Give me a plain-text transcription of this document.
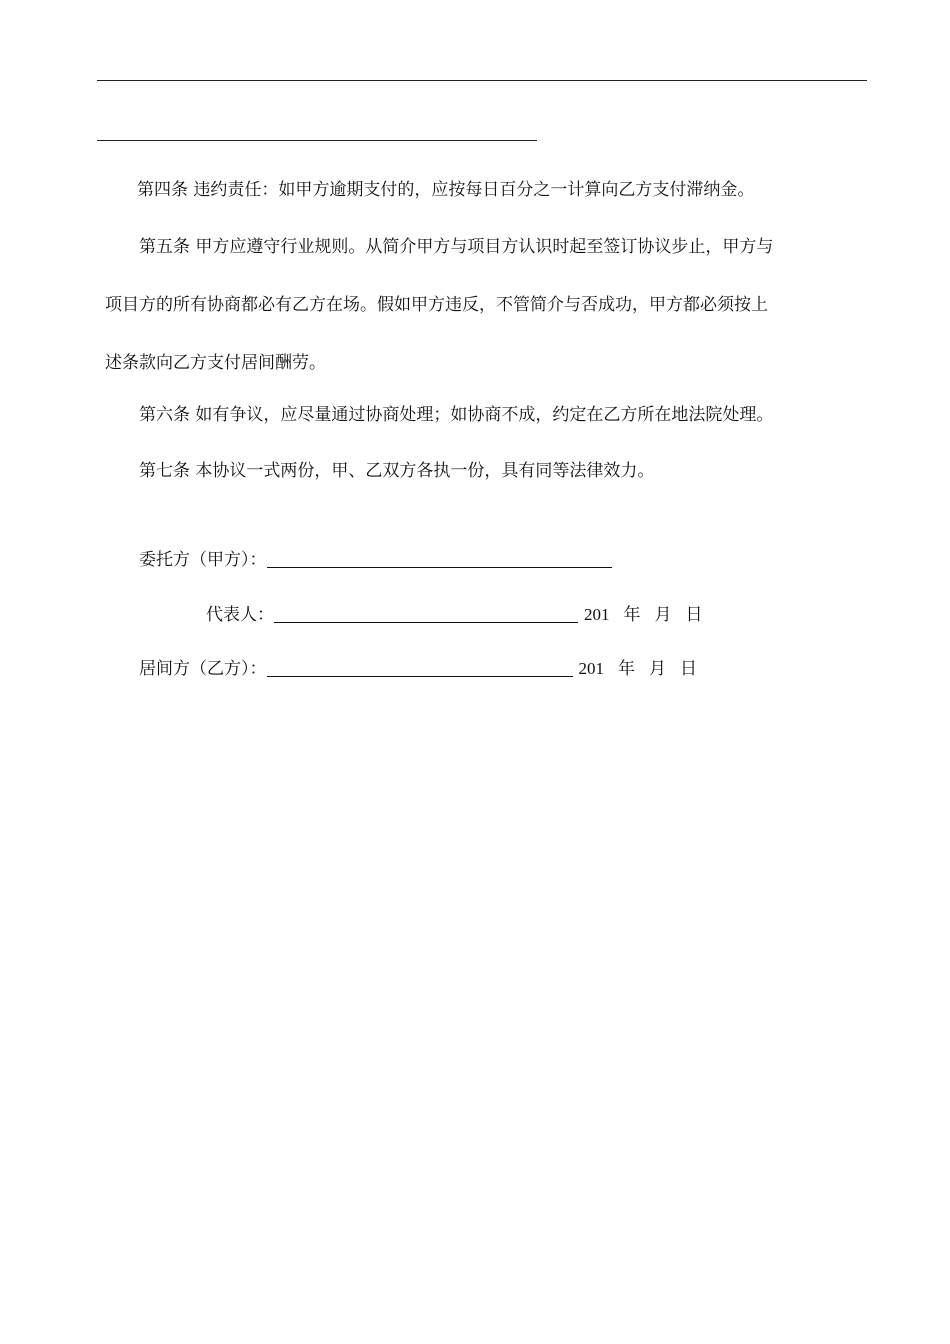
第四条 违约责任：如甲方逾期支付的，应按每日百分之一计算向乙方支付滞纳金。
第五条 甲方应遵守行业规则。从简介甲方与项目方认识时起至签订协议步止，甲方与
项目方的所有协商都必有乙方在场。假如甲方违反，不管简介与否成功，甲方都必须按上
述条款向乙方支付居间酬劳。
第六条 如有争议，应尽量通过协商处理；如协商不成，约定在乙方所在地法院处理。
第七条 本协议一式两份，甲、乙双方各执一份，具有同等法律效力。
委托方（甲方）：
代表人：	201 年 月 日
居间方（乙方）：	201 年 月 日
